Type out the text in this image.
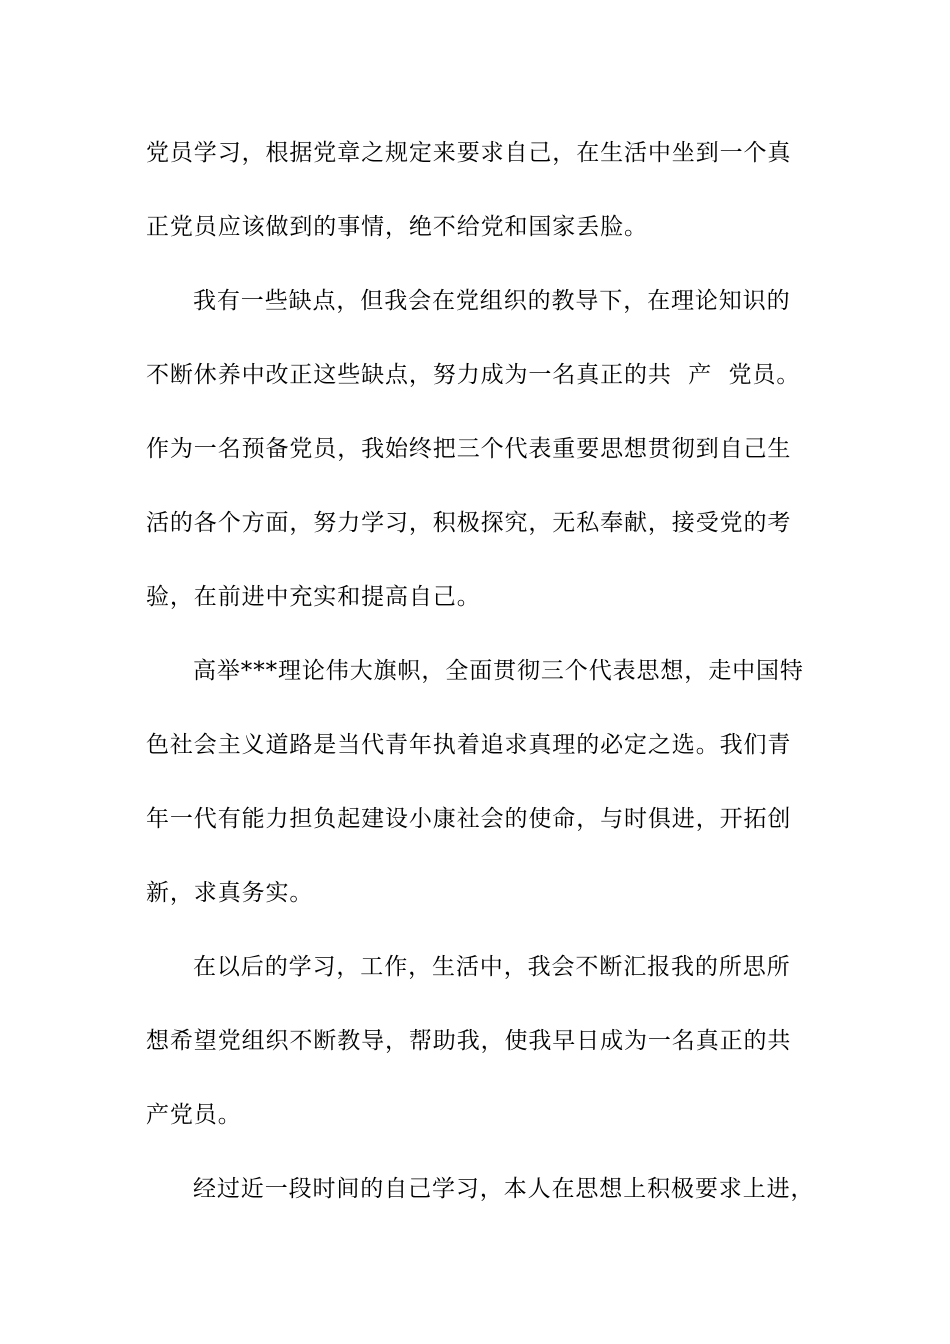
党员学习，根据党章之规定来要求自己，在生活中坐到一个真
正党员应该做到的事情，绝不给党和国家丢脸。
我有一些缺点，但我会在党组织的教导下，在理论知识的
不断休养中改正这些缺点，努力成为一名真正的共  产  党员。
作为一名预备党员，我始终把三个代表重要思想贯彻到自己生
活的各个方面，努力学习，积极探究，无私奉献，接受党的考
验，在前进中充实和提高自己。
高举***理论伟大旗帜，全面贯彻三个代表思想，走中国特
色社会主义道路是当代青年执着追求真理的必定之选。我们青
年一代有能力担负起建设小康社会的使命，与时俱进，开拓创
新，求真务实。
在以后的学习，工作，生活中，我会不断汇报我的所思所
想希望党组织不断教导，帮助我，使我早日成为一名真正的共
产党员。
经过近一段时间的自己学习，本人在思想上积极要求上进，
